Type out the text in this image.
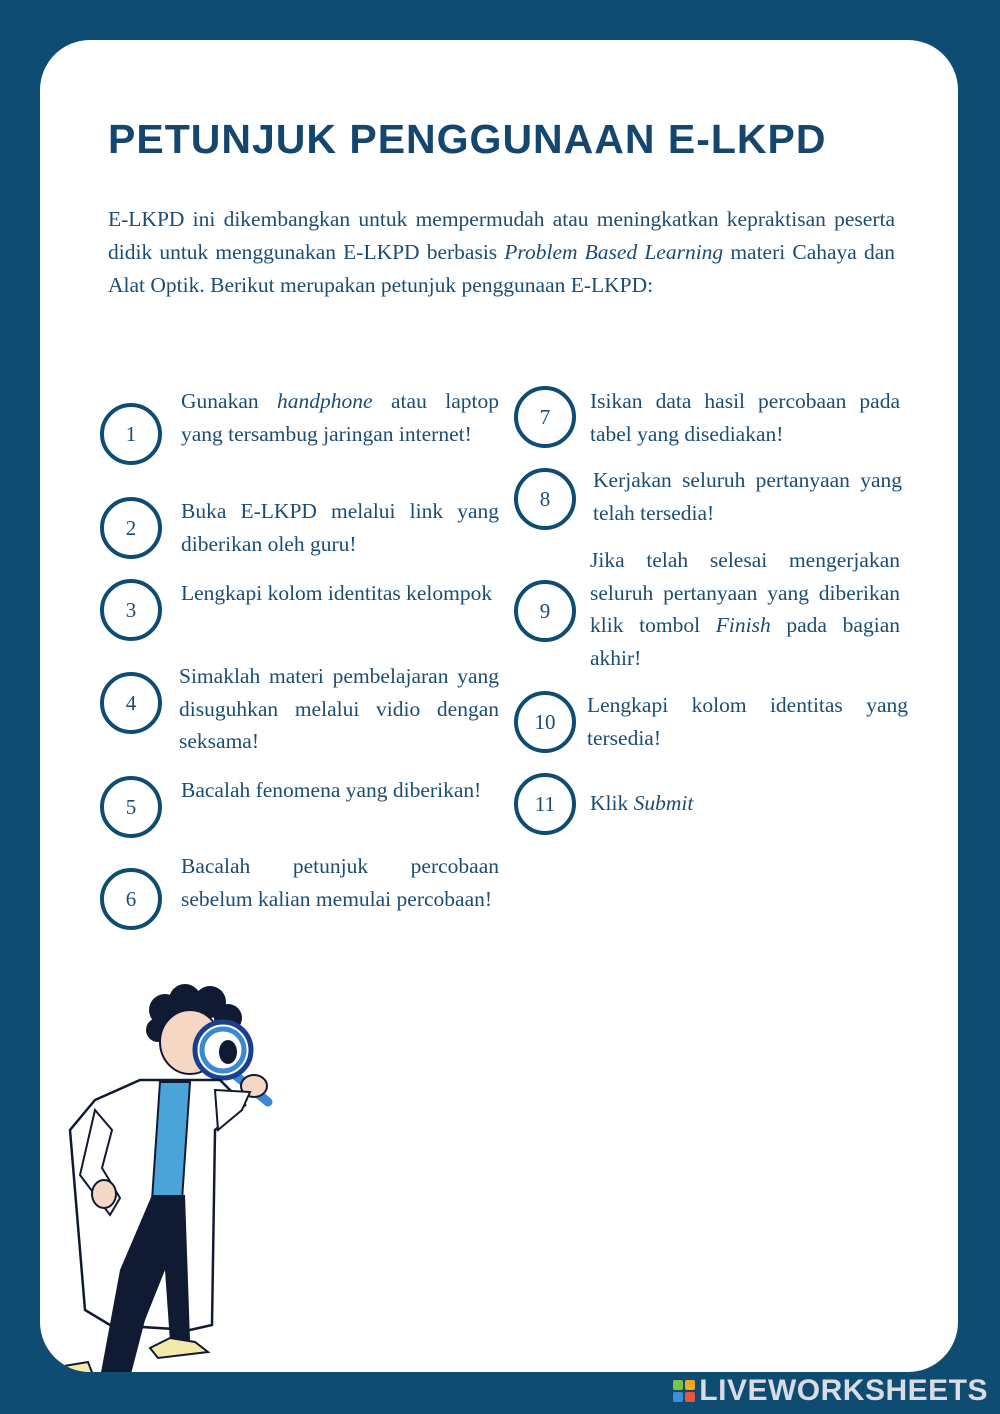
PETUNJUK PENGGUNAAN E-LKPD

E-LKPD ini dikembangkan untuk mempermudah atau meningkatkan kepraktisan peserta didik untuk menggunakan E-LKPD berbasis Problem Based Learning materi Cahaya dan Alat Optik. Berikut merupakan petunjuk penggunaan E-LKPD:

1
Gunakan handphone atau laptop yang tersambug jaringan internet!
2
Buka E-LKPD melalui link yang diberikan oleh guru!
3
Lengkapi kolom identitas kelompok
4
Simaklah materi pembelajaran yang disuguhkan melalui vidio dengan seksama!
5
Bacalah fenomena yang diberikan!
6
Bacalah petunjuk percobaan sebelum kalian memulai percobaan!
7
Isikan data hasil percobaan pada tabel yang disediakan!
8
Kerjakan seluruh pertanyaan yang telah tersedia!
9
Jika telah selesai mengerjakan seluruh pertanyaan yang diberikan klik tombol Finish pada bagian akhir!
10
Lengkapi kolom identitas yang tersedia!
11	Klik Submit
LIVEWORKSHEETS
